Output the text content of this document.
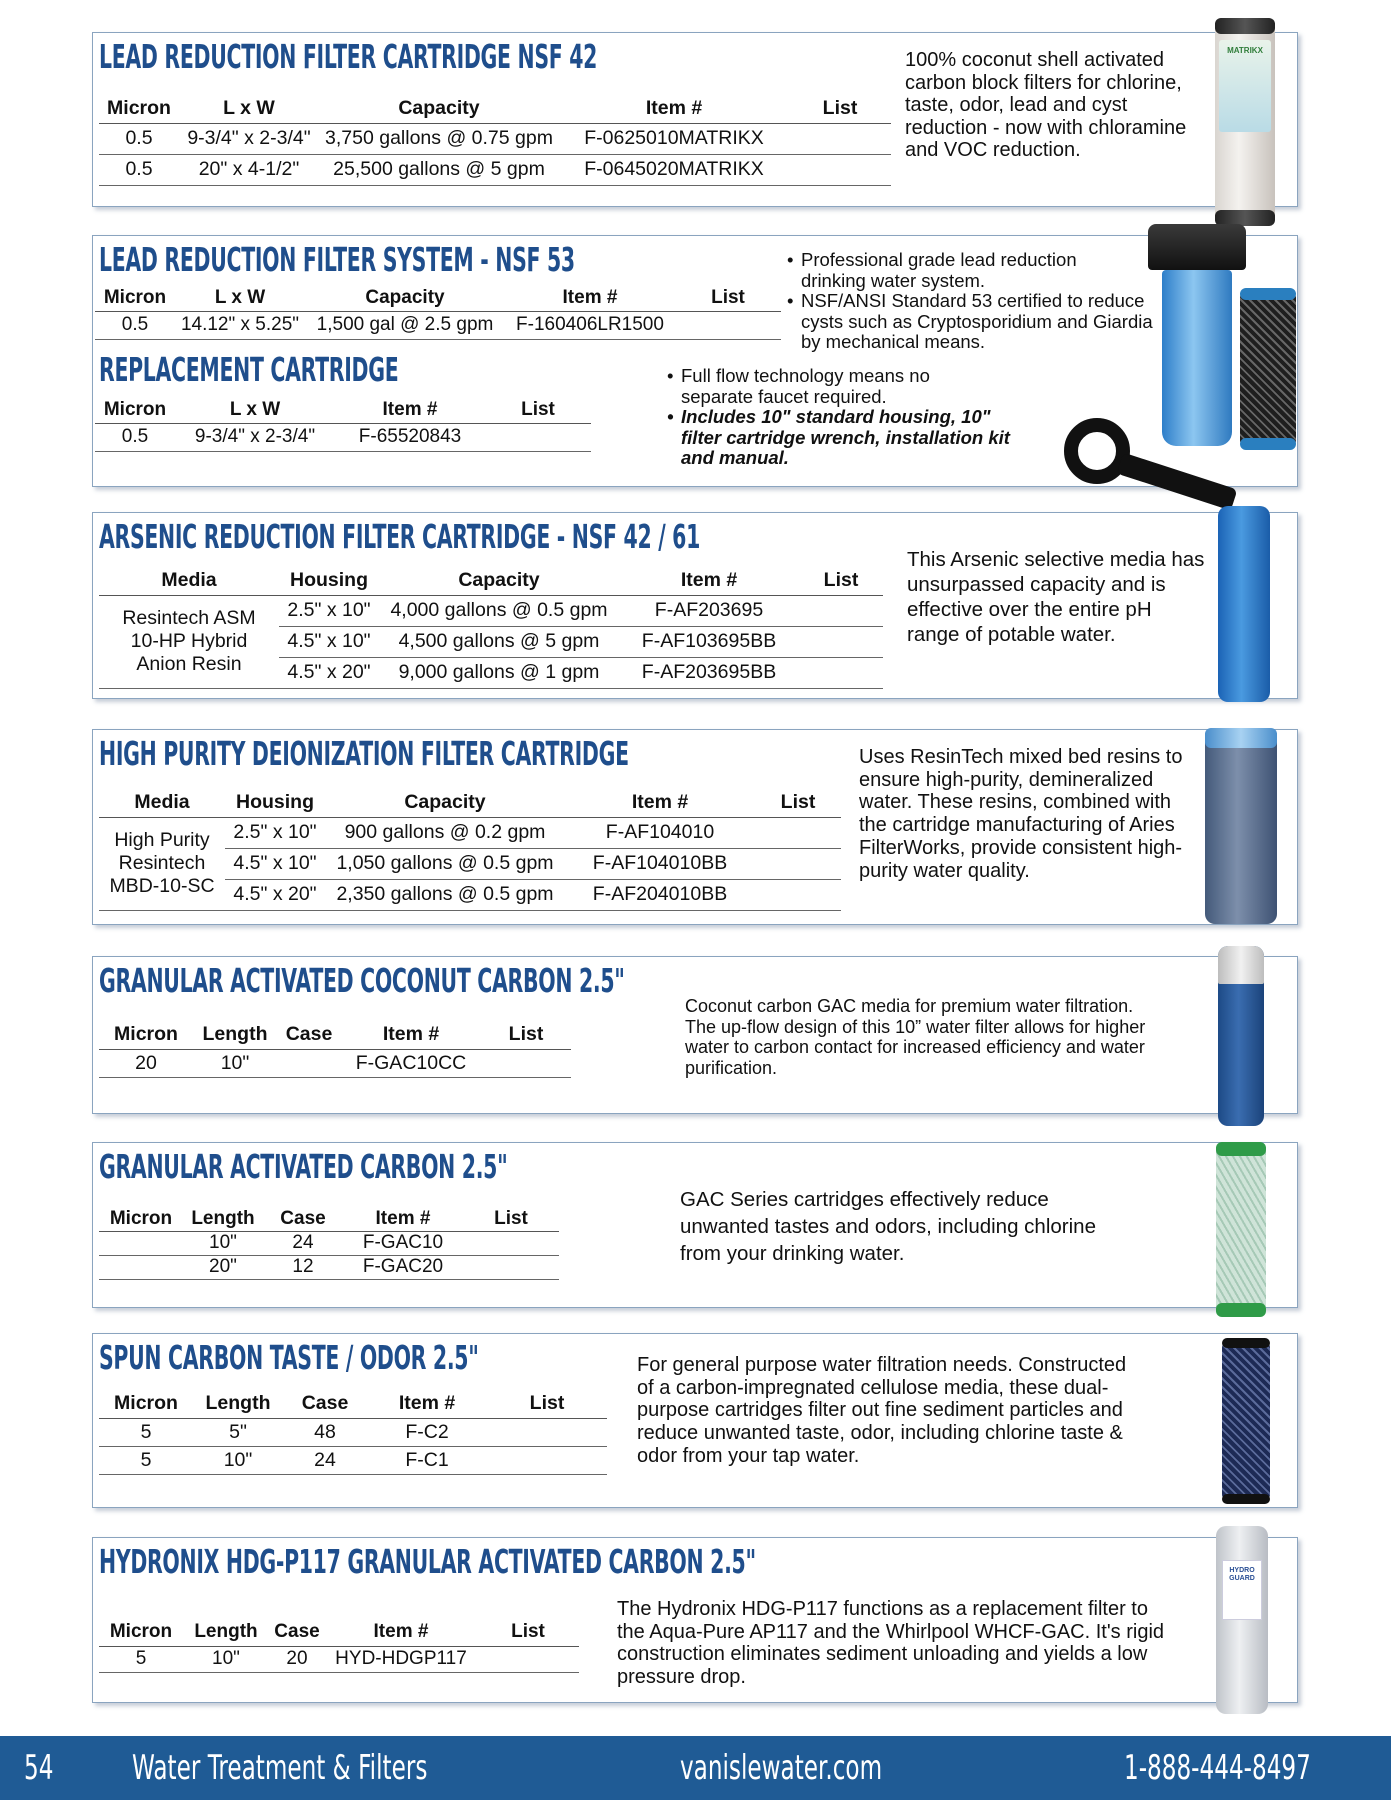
LEAD REDUCTION FILTER CARTRIDGE NSF 42
Micron	L x W	Capacity	Item #	List
0.5	9-3/4" x 2-3/4"	3,750 gallons @ 0.75 gpm	F-0625010MATRIKX	
0.5	20" x 4-1/2"	25,500 gallons @ 5 gpm	F-0645020MATRIKX	
100% coconut shell activated carbon block filters for chlorine, taste, odor, lead and cyst reduction - now with chloramine and VOC reduction.
MATRIKX
LEAD REDUCTION FILTER SYSTEM - NSF 53
Micron	L x W	Capacity	Item #	List
0.5	14.12" x 5.25"	1,500 gal @ 2.5 gpm	F-160406LR1500	
REPLACEMENT CARTRIDGE
Micron	L x W	Item #	List
0.5	9-3/4" x 2-3/4"	F-65520843	
• Professional grade lead reduction drinking water system.
• NSF/ANSI Standard 53 certified to reduce cysts such as Cryptosporidium and Giardia by mechanical means.
• Full flow technology means no separate faucet required.
• Includes 10" standard housing, 10" filter cartridge wrench, installation kit and manual.
ARSENIC REDUCTION FILTER CARTRIDGE - NSF 42 / 61
Media	Housing	Capacity	Item #	List
Resintech ASM 10-HP Hybrid Anion Resin	2.5" x 10"	4,000 gallons @ 0.5 gpm	F-AF203695	
	4.5" x 10"	4,500 gallons @ 5 gpm	F-AF103695BB	
	4.5" x 20"	9,000 gallons @ 1 gpm	F-AF203695BB	
This Arsenic selective media has unsurpassed capacity and is effective over the entire pH range of potable water.
HIGH PURITY DEIONIZATION FILTER CARTRIDGE
Media	Housing	Capacity	Item #	List
High Purity Resintech MBD-10-SC	2.5" x 10"	900 gallons @ 0.2 gpm	F-AF104010	
	4.5" x 10"	1,050 gallons @ 0.5 gpm	F-AF104010BB	
	4.5" x 20"	2,350 gallons @ 0.5 gpm	F-AF204010BB	
Uses ResinTech mixed bed resins to ensure high-purity, demineralized water. These resins, combined with the cartridge manufacturing of Aries FilterWorks, provide consistent high-purity water quality.
GRANULAR ACTIVATED COCONUT CARBON 2.5"
Micron	Length	Case	Item #	List
20	10"		F-GAC10CC	
Coconut carbon GAC media for premium water filtration. The up-flow design of this 10” water filter allows for higher water to carbon contact for increased efficiency and water purification.
GRANULAR ACTIVATED CARBON 2.5"
Micron	Length	Case	Item #	List
	10"	24	F-GAC10	
	20"	12	F-GAC20	
GAC Series cartridges effectively reduce unwanted tastes and odors, including chlorine from your drinking water.
SPUN CARBON TASTE / ODOR 2.5"
Micron	Length	Case	Item #	List
5	5"	48	F-C2	
5	10"	24	F-C1	
For general purpose water filtration needs. Constructed of a carbon-impregnated cellulose media, these dual-purpose cartridges filter out fine sediment particles and reduce unwanted taste, odor, including chlorine taste & odor from your tap water.
HYDRONIX HDG-P117 GRANULAR ACTIVATED CARBON 2.5"
Micron	Length	Case	Item #	List
5	10"	20	HYD-HDGP117	
The Hydronix HDG-P117 functions as a replacement filter to the Aqua-Pure AP117 and the Whirlpool WHCF-GAC. It's rigid construction eliminates sediment unloading and yields a low pressure drop.
HYDRO GUARD
54 Water Treatment & Filters	vanislewater.com	1-888-444-8497
